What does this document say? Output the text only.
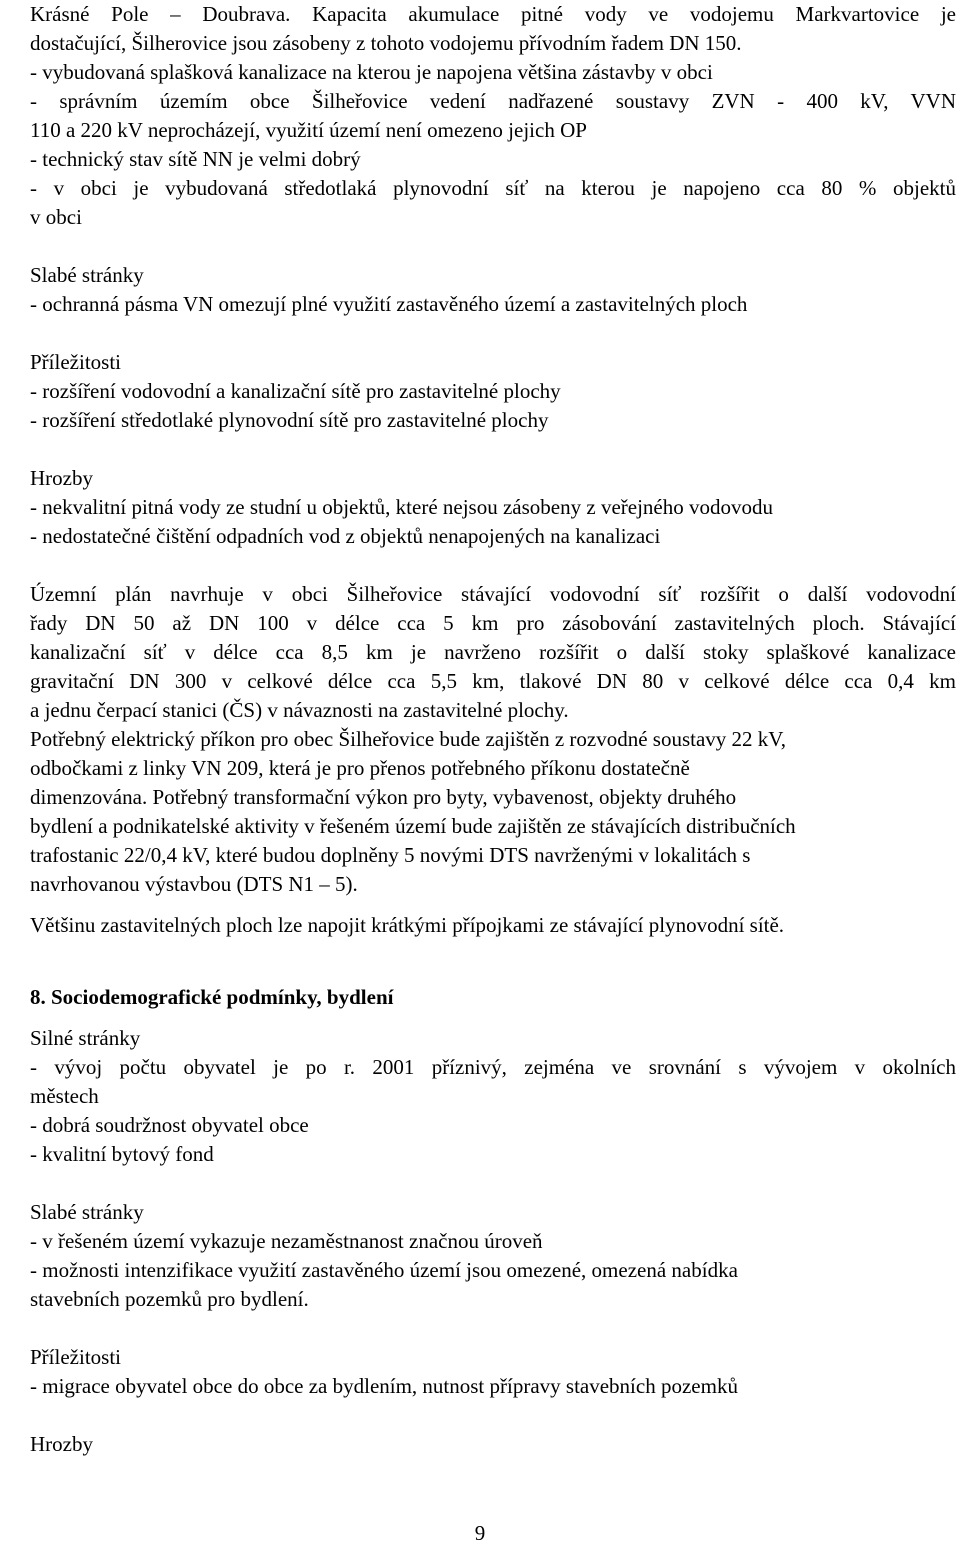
Krásné Pole – Doubrava. Kapacita akumulace pitné vody ve vodojemu Markvartovice je
dostačující, Šilherovice jsou zásobeny z tohoto vodojemu přívodním řadem DN 150.
- vybudovaná splašková kanalizace na kterou je napojena většina zástavby v obci
- správním územím obce Šilheřovice vedení nadřazené soustavy ZVN - 400 kV, VVN
110 a 220 kV neprocházejí, využití území není omezeno jejich OP
- technický stav sítě NN je velmi dobrý
- v obci je vybudovaná středotlaká plynovodní síť na kterou je napojeno cca 80 % objektů
v obci
Slabé stránky
- ochranná pásma VN omezují plné využití zastavěného území a zastavitelných ploch
Příležitosti
- rozšíření vodovodní a kanalizační sítě pro zastavitelné plochy
- rozšíření středotlaké plynovodní sítě pro zastavitelné plochy
Hrozby
- nekvalitní pitná vody ze studní u objektů, které nejsou zásobeny z veřejného vodovodu
- nedostatečné čištění odpadních vod z objektů nenapojených na kanalizaci
Územní plán navrhuje v obci Šilheřovice stávající vodovodní síť rozšířit o další vodovodní
řady DN 50 až DN 100 v délce cca 5 km pro zásobování zastavitelných ploch. Stávající
kanalizační síť v délce cca 8,5 km je navrženo rozšířit o další stoky splaškové kanalizace
gravitační DN 300 v celkové délce cca 5,5 km, tlakové DN 80 v celkové délce cca 0,4 km
a jednu čerpací stanici (ČS) v návaznosti na zastavitelné plochy.
Potřebný elektrický příkon pro obec Šilheřovice bude zajištěn z rozvodné soustavy 22 kV,
odbočkami z linky VN 209, která je pro přenos potřebného příkonu dostatečně
dimenzována. Potřebný transformační výkon pro byty, vybavenost, objekty druhého
bydlení a podnikatelské aktivity v řešeném území bude zajištěn ze stávajících distribučních
trafostanic 22/0,4 kV, které budou doplněny 5 novými DTS navrženými v lokalitách s
navrhovanou výstavbou (DTS N1 – 5).
Většinu zastavitelných ploch lze napojit krátkými přípojkami ze stávající plynovodní sítě.
8. Sociodemografické podmínky, bydlení
Silné stránky
- vývoj počtu obyvatel je po r. 2001 příznivý, zejména ve srovnání s vývojem v okolních
městech
- dobrá soudržnost obyvatel obce
- kvalitní bytový fond
Slabé stránky
- v řešeném území vykazuje nezaměstnanost značnou úroveň
- možnosti intenzifikace využití zastavěného území jsou omezené, omezená nabídka
stavebních pozemků pro bydlení.
Příležitosti
- migrace obyvatel obce do obce za bydlením, nutnost přípravy stavebních pozemků
Hrozby
9
